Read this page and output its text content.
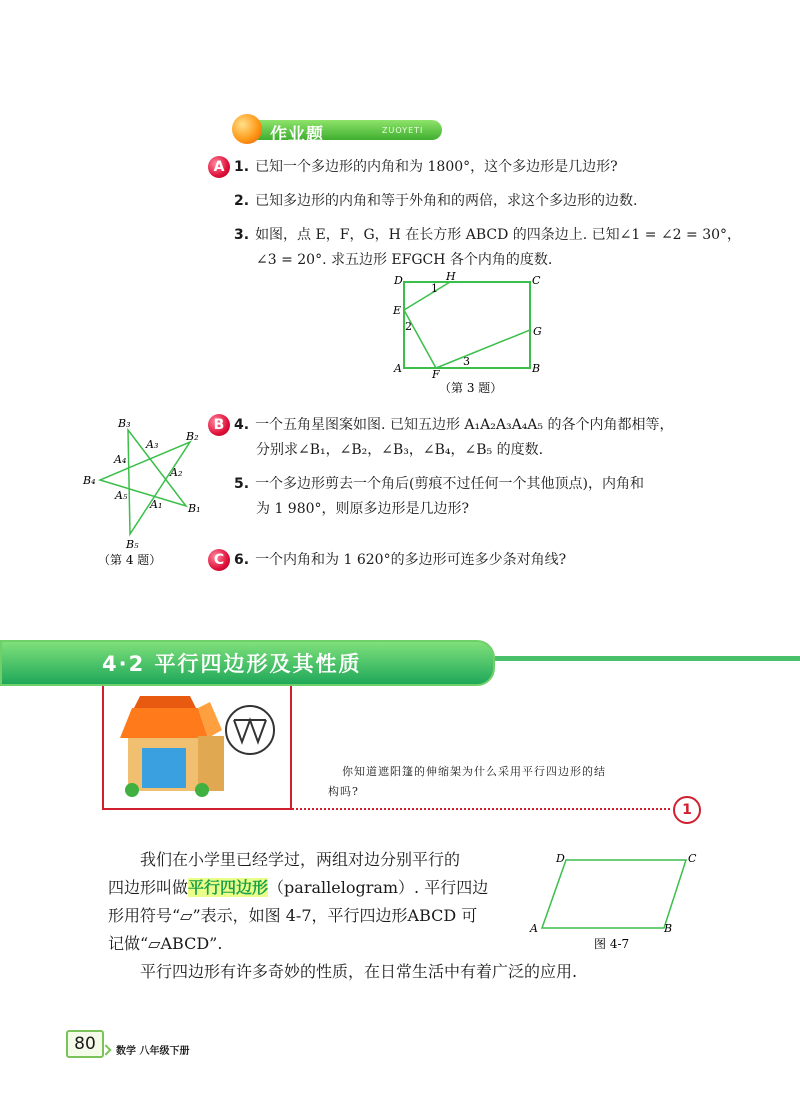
作业题	ZUOYETI
A 1. 已知一个多边形的内角和为 1800°，这个多边形是几边形?
2. 已知多边形的内角和等于外角和的两倍，求这个多边形的边数.
3. 如图，点 E，F，G，H 在长方形 ABCD 的四条边上. 已知∠1 = ∠2 = 30°，
∠3 = 20°. 求五边形 EFGCH 各个内角的度数.
D	H	C
E
G
A	F	B
1
2
3
（第 3 题）
B₃
B₂
B₄
B₁
B₅
A₃
A₄
A₂
A₅
A₁
（第 4 题）
B 4. 一个五角星图案如图. 已知五边形 A₁A₂A₃A₄A₅ 的各个内角都相等，
分别求∠B₁，∠B₂，∠B₃，∠B₄，∠B₅ 的度数.
5. 一个多边形剪去一个角后(剪痕不过任何一个其他顶点)，内角和
为 1 980°，则原多边形是几边形?
C 6. 一个内角和为 1 620°的多边形可连多少条对角线?
4·2 平行四边形及其性质
你知道遮阳篷的伸缩架为什么采用平行四边形的结
构吗?
1
我们在小学里已经学过，两组对边分别平行的
四边形叫做平行四边形（parallelogram）. 平行四边
形用符号“▱”表示，如图 4-7，平行四边形ABCD 可
记做“▱ABCD”.
平行四边形有许多奇妙的性质，在日常生活中有着广泛的应用.
D	C
A	B
图 4-7
80	数学 八年级下册
